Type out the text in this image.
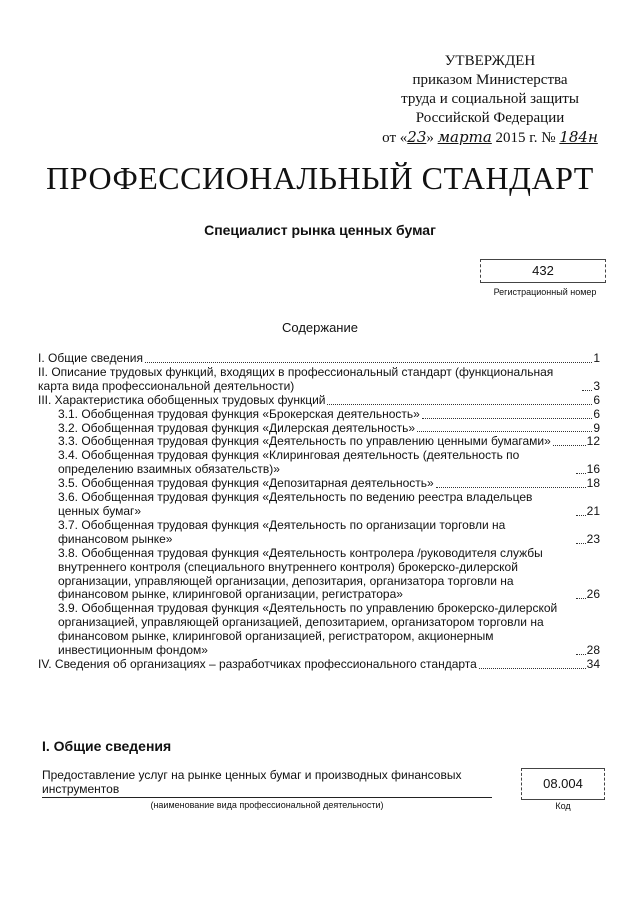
УТВЕРЖДЕН
приказом Министерства
труда и социальной защиты
Российской Федерации
от «23» марта 2015 г. № 184н
ПРОФЕССИОНАЛЬНЫЙ СТАНДАРТ
Специалист рынка ценных бумаг
432
Регистрационный номер
Содержание
I. Общие сведения	1
II. Описание трудовых функций, входящих в профессиональный стандарт (функциональная карта вида профессиональной деятельности)	3
III. Характеристика обобщенных трудовых функций	6
3.1. Обобщенная трудовая функция «Брокерская деятельность»	6
3.2. Обобщенная трудовая функция «Дилерская деятельность»	9
3.3. Обобщенная трудовая функция «Деятельность по управлению ценными бумагами»	12
3.4. Обобщенная трудовая функция «Клиринговая деятельность (деятельность по определению взаимных обязательств)»	16
3.5. Обобщенная трудовая функция «Депозитарная деятельность»	18
3.6. Обобщенная трудовая функция «Деятельность по ведению реестра владельцев ценных бумаг»	21
3.7. Обобщенная трудовая функция «Деятельность по организации торговли на финансовом рынке»	23
3.8. Обобщенная трудовая функция «Деятельность контролера /руководителя службы внутреннего контроля (специального внутреннего контроля) брокерско-дилерской организации, управляющей организации, депозитария, организатора торговли на финансовом рынке, клиринговой организации, регистратора»	26
3.9. Обобщенная трудовая функция «Деятельность по управлению брокерско-дилерской организацией, управляющей организацией, депозитарием, организатором торговли на финансовом рынке, клиринговой организацией, регистратором, акционерным инвестиционным фондом»	28
IV. Сведения об организациях – разработчиках профессионального стандарта	34
I. Общие сведения
Предоставление услуг на рынке ценных бумаг и производных финансовых инструментов
(наименование вида профессиональной деятельности)
08.004
Код
